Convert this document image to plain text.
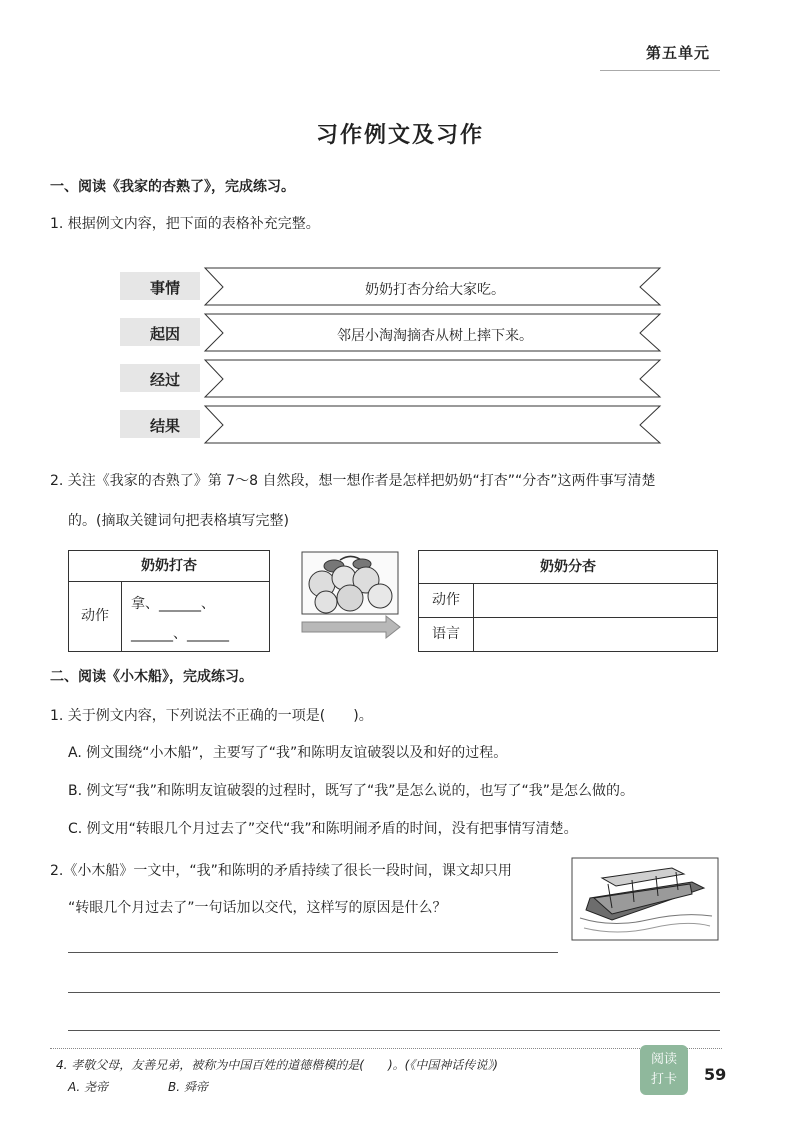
第五单元
习作例文及习作
一、阅读《我家的杏熟了》，完成练习。
1. 根据例文内容，把下面的表格补充完整。
事情	奶奶打杏分给大家吃。
起因	邻居小淘淘摘杏从树上摔下来。
经过
结果
2. 关注《我家的杏熟了》第 7～8 自然段，想一想作者是怎样把奶奶“打杏”“分杏”这两件事写清楚
的。(摘取关键词句把表格填写完整)
奶奶打杏
动作
拿、______、
______、______
奶奶分杏
动作
语言
二、阅读《小木船》，完成练习。
1. 关于例文内容，下列说法不正确的一项是(　　)。
A. 例文围绕“小木船”，主要写了“我”和陈明友谊破裂以及和好的过程。
B. 例文写“我”和陈明友谊破裂的过程时，既写了“我”是怎么说的，也写了“我”是怎么做的。
C. 例文用“转眼几个月过去了”交代“我”和陈明闹矛盾的时间，没有把事情写清楚。
2.《小木船》一文中，“我”和陈明的矛盾持续了很长一段时间，课文却只用
“转眼几个月过去了”一句话加以交代，这样写的原因是什么？
4. 孝敬父母，友善兄弟，被称为中国百姓的道德楷模的是(　　)。(《中国神话传说》)
A. 尧帝	B. 舜帝
阅读
打卡	59
